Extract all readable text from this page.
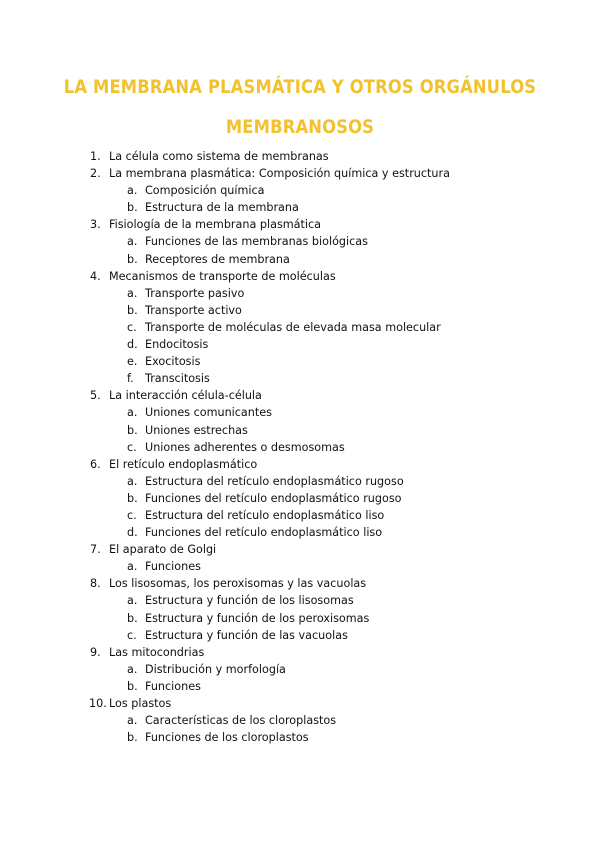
LA MEMBRANA PLASMÁTICA Y OTROS ORGÁNULOS
MEMBRANOSOS
1. La célula como sistema de membranas
2. La membrana plasmática: Composición química y estructura
a. Composición química
b. Estructura de la membrana
3. Fisiología de la membrana plasmática
a. Funciones de las membranas biológicas
b. Receptores de membrana
4. Mecanismos de transporte de moléculas
a. Transporte pasivo
b. Transporte activo
c. Transporte de moléculas de elevada masa molecular
d. Endocitosis
e. Exocitosis
f. Transcitosis
5. La interacción célula-célula
a. Uniones comunicantes
b. Uniones estrechas
c. Uniones adherentes o desmosomas
6. El retículo endoplasmático
a. Estructura del retículo endoplasmático rugoso
b. Funciones del retículo endoplasmático rugoso
c. Estructura del retículo endoplasmático liso
d. Funciones del retículo endoplasmático liso
7. El aparato de Golgi
a. Funciones
8. Los lisosomas, los peroxisomas y las vacuolas
a. Estructura y función de los lisosomas
b. Estructura y función de los peroxisomas
c. Estructura y función de las vacuolas
9. Las mitocondrias
a. Distribución y morfología
b. Funciones
10. Los plastos
a. Características de los cloroplastos
b. Funciones de los cloroplastos
